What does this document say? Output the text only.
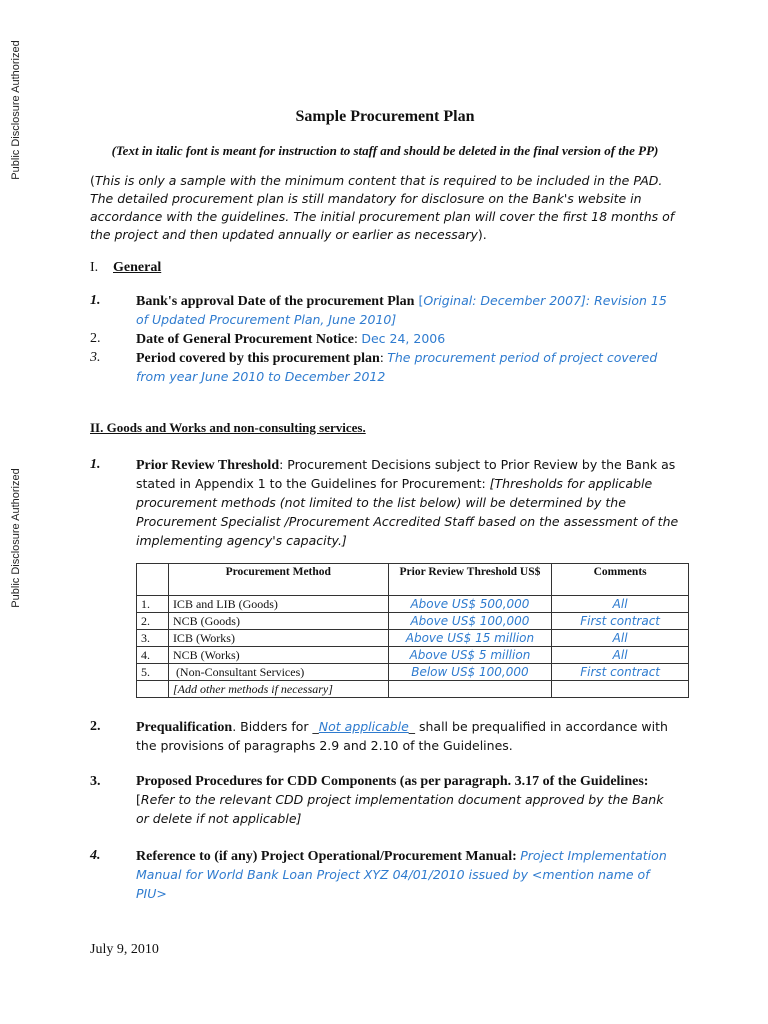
Public Disclosure Authorized
Public Disclosure Authorized
Sample Procurement Plan
(Text in italic font is meant for instruction to staff and should be deleted in the final version of the PP)
(This is only a sample with the minimum content that is required to be included in the PAD. The detailed procurement plan is still mandatory for disclosure on the Bank's website in accordance with the guidelines. The initial procurement plan will cover the first 18 months of the project and then updated annually or earlier as necessary).
I. General
1.	Bank's approval Date of the procurement Plan [Original: December 2007]: Revision 15 of Updated Procurement Plan, June 2010]
2.	Date of General Procurement Notice: Dec 24, 2006
3.	Period covered by this procurement plan: The procurement period of project covered from year June 2010 to December 2012
II. Goods and Works and non-consulting services.
1.	Prior Review Threshold: Procurement Decisions subject to Prior Review by the Bank as stated in Appendix 1 to the Guidelines for Procurement: [Thresholds for applicable procurement methods (not limited to the list below) will be determined by the Procurement Specialist /Procurement Accredited Staff based on the assessment of the implementing agency's capacity.]
	Procurement Method	Prior Review Threshold US$	Comments
1.	ICB and LIB (Goods)	Above US$ 500,000	All
2.	NCB (Goods)	Above US$ 100,000	First contract
3.	ICB (Works)	Above US$ 15 million	All
4.	NCB (Works)	Above US$ 5 million	All
5.	(Non-Consultant Services)	Below US$ 100,000	First contract
	[Add other methods if necessary]		
2.	Prequalification. Bidders for _Not applicable_ shall be prequalified in accordance with the provisions of paragraphs 2.9 and 2.10 of the Guidelines.
3.	Proposed Procedures for CDD Components (as per paragraph. 3.17 of the Guidelines: [Refer to the relevant CDD project implementation document approved by the Bank or delete if not applicable]
4.	Reference to (if any) Project Operational/Procurement Manual: Project Implementation Manual for World Bank Loan Project XYZ 04/01/2010 issued by <mention name of PIU>
July 9, 2010
